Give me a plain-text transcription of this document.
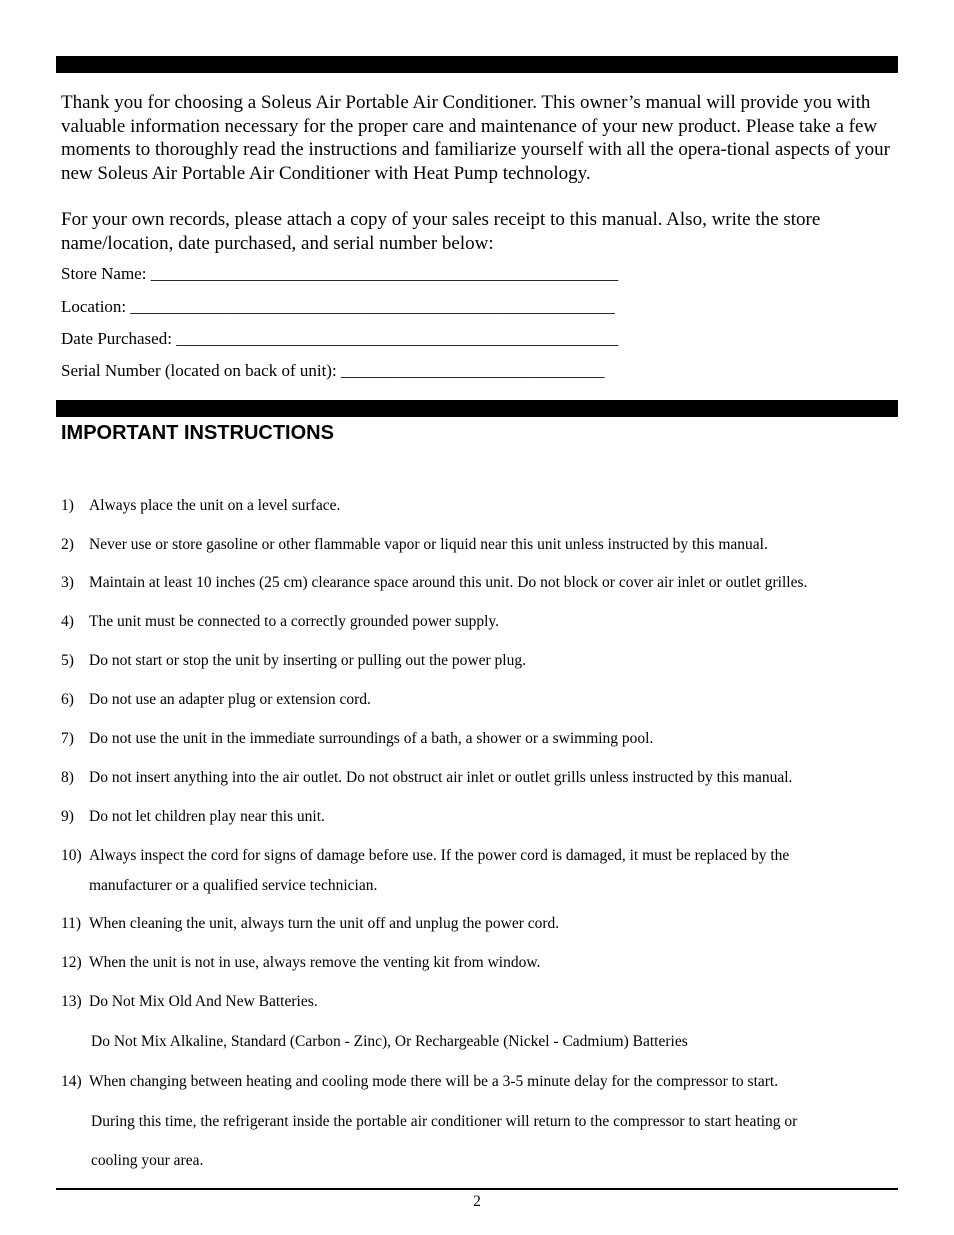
Thank you for choosing a Soleus Air Portable Air Conditioner. This owner’s manual will provide you with valuable information necessary for the proper care and maintenance of your new product. Please take a few moments to thoroughly read the instructions and familiarize yourself with all the opera-tional aspects of your new Soleus Air Portable Air Conditioner with Heat Pump technology.

For your own records, please attach a copy of your sales receipt to this manual. Also, write the store name/location, date purchased, and serial number below:

Store Name: _______________________________________________________
Location: _________________________________________________________
Date Purchased: ____________________________________________________
Serial Number (located on back of unit): _______________________________
IMPORTANT INSTRUCTIONS
1) Always place the unit on a level surface.
2) Never use or store gasoline or other flammable vapor or liquid near this unit unless instructed by this manual.
3) Maintain at least 10 inches (25 cm) clearance space around this unit. Do not block or cover air inlet or outlet grilles.
4) The unit must be connected to a correctly grounded power supply.
5) Do not start or stop the unit by inserting or pulling out the power plug.
6) Do not use an adapter plug or extension cord.
7) Do not use the unit in the immediate surroundings of a bath, a shower or a swimming pool.
8) Do not insert anything into the air outlet. Do not obstruct air inlet or outlet grills unless instructed by this manual.
9) Do not let children play near this unit.
10) Always inspect the cord for signs of damage before use. If the power cord is damaged, it must be replaced by the
manufacturer or a qualified service technician.
11) When cleaning the unit, always turn the unit off and unplug the power cord.
12) When the unit is not in use, always remove the venting kit from window.
13) Do Not Mix Old And New Batteries.
Do Not Mix Alkaline, Standard (Carbon - Zinc), Or Rechargeable (Nickel - Cadmium) Batteries
14) When changing between heating and cooling mode there will be a 3-5 minute delay for the compressor to start.
During this time, the refrigerant inside the portable air conditioner will return to the compressor to start heating or
cooling your area.
2
